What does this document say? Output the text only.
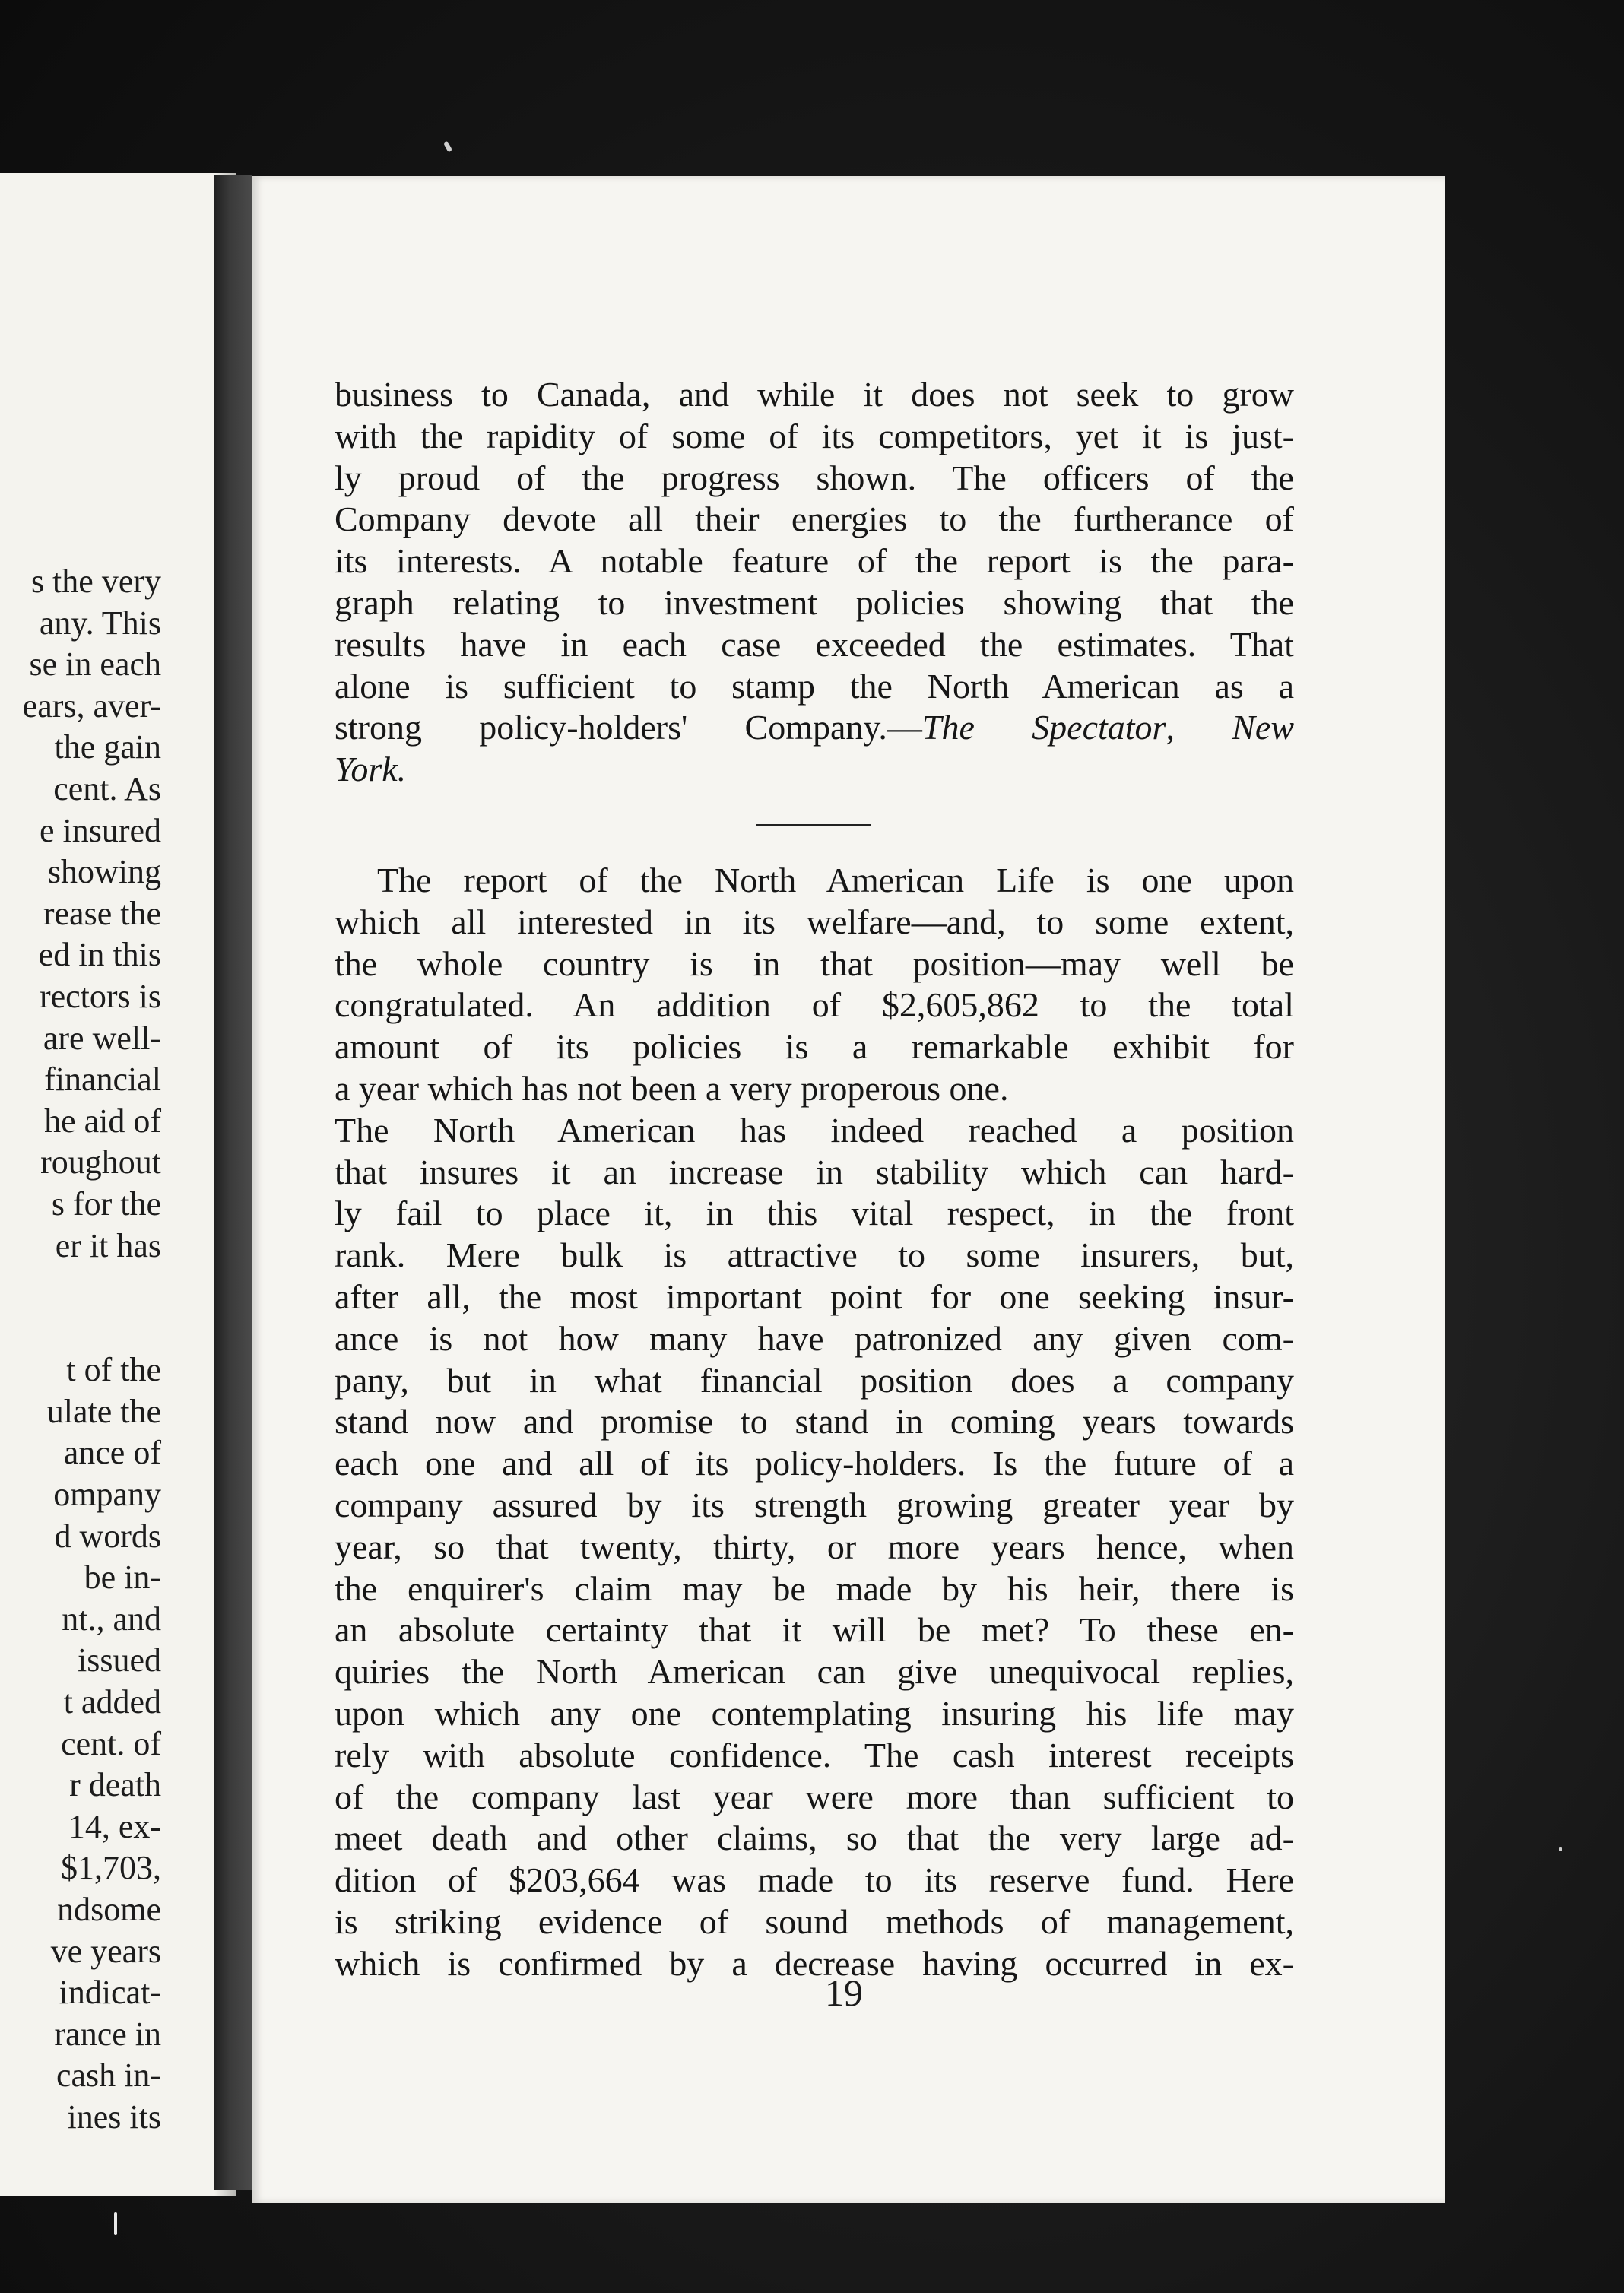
s the very
any. This
se in each
ears, aver-
the gain
cent. As
e insured
showing
rease the
ed in this
rectors is
are well-
financial
he aid of
roughout
s for the
er it has
t of the
ulate the
ance of
ompany
d words
be in-
nt., and
issued
t added
cent. of
r death
14, ex-
$1,703,
ndsome
ve years
indicat-
rance in
cash in-
ines its
business to Canada, and while it does not seek to grow
with the rapidity of some of its competitors, yet it is just-
ly proud of the progress shown. The officers of the
Company devote all their energies to the furtherance of
its interests. A notable feature of the report is the para-
graph relating to investment policies showing that the
results have in each case exceeded the estimates. That
alone is sufficient to stamp the North American as a
strong policy-holders' Company.—The Spectator, New
York.
The report of the North American Life is one upon
which all interested in its welfare—and, to some extent,
the whole country is in that position—may well be
congratulated. An addition of $2,605,862 to the total
amount of its policies is a remarkable exhibit for
a year which has not been a very properous one.
The North American has indeed reached a position
that insures it an increase in stability which can hard-
ly fail to place it, in this vital respect, in the front
rank. Mere bulk is attractive to some insurers, but,
after all, the most important point for one seeking insur-
ance is not how many have patronized any given com-
pany, but in what financial position does a company
stand now and promise to stand in coming years towards
each one and all of its policy-holders. Is the future of a
company assured by its strength growing greater year by
year, so that twenty, thirty, or more years hence, when
the enquirer's claim may be made by his heir, there is
an absolute certainty that it will be met? To these en-
quiries the North American can give unequivocal replies,
upon which any one contemplating insuring his life may
rely with absolute confidence. The cash interest receipts
of the company last year were more than sufficient to
meet death and other claims, so that the very large ad-
dition of $203,664 was made to its reserve fund. Here
is striking evidence of sound methods of management,
which is confirmed by a decrease having occurred in ex-
19
